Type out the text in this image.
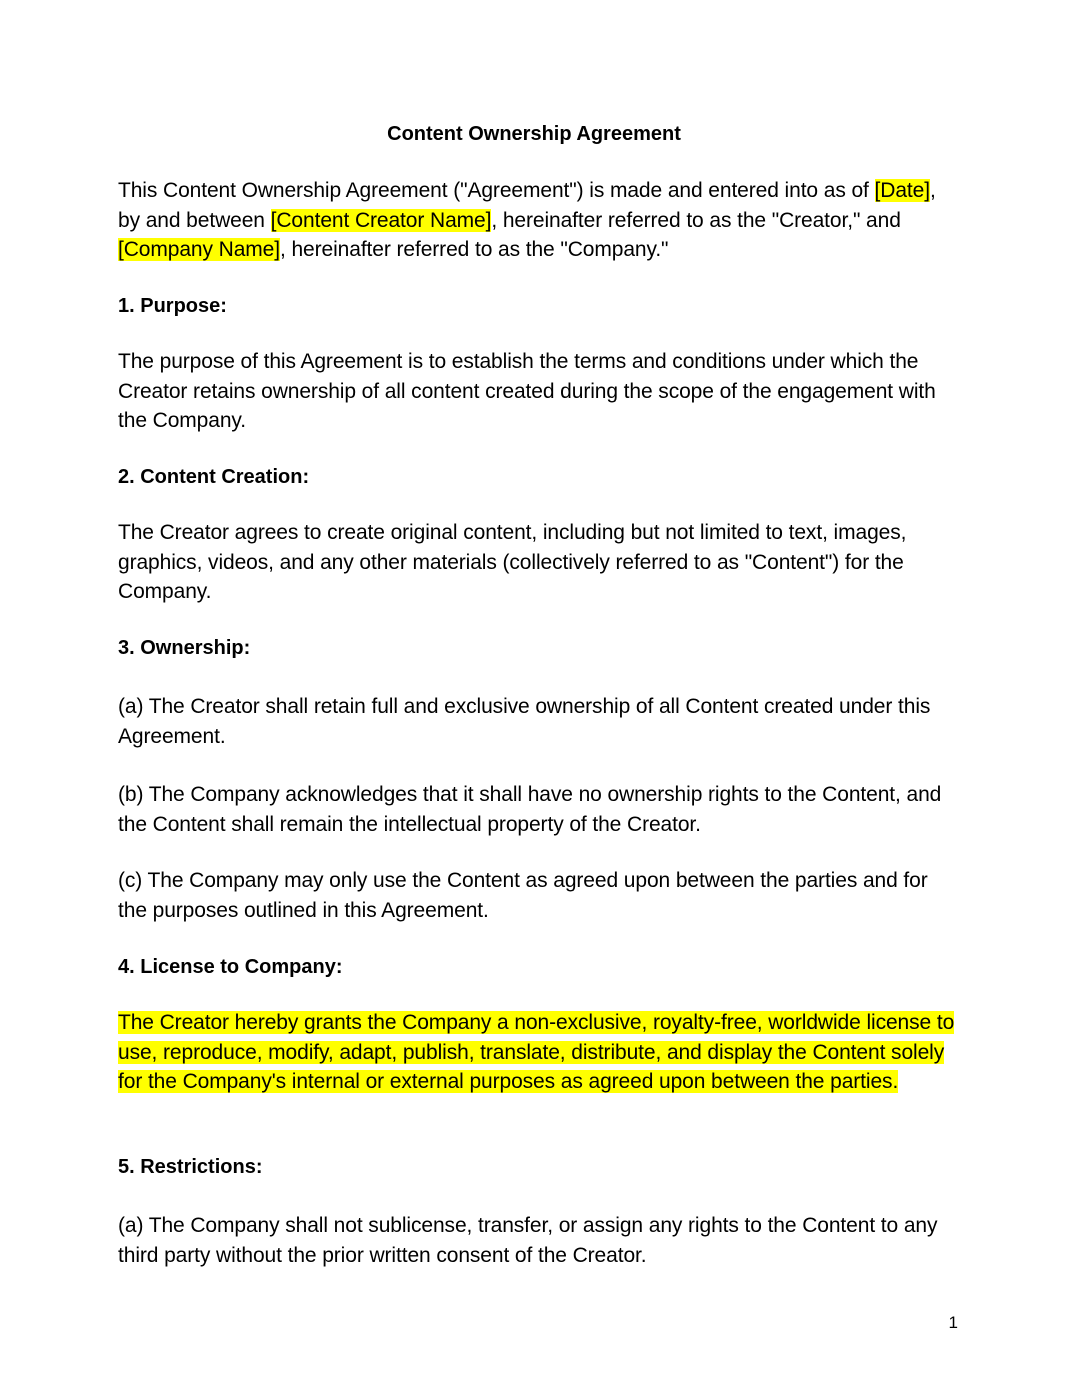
Content Ownership Agreement

This Content Ownership Agreement ("Agreement") is made and entered into as of [Date], by and between [Content Creator Name], hereinafter referred to as the "Creator," and [Company Name], hereinafter referred to as the "Company."

1. Purpose:

The purpose of this Agreement is to establish the terms and conditions under which the Creator retains ownership of all content created during the scope of the engagement with the Company.

2. Content Creation:

The Creator agrees to create original content, including but not limited to text, images, graphics, videos, and any other materials (collectively referred to as "Content") for the Company.

3. Ownership:

(a) The Creator shall retain full and exclusive ownership of all Content created under this Agreement.

(b) The Company acknowledges that it shall have no ownership rights to the Content, and the Content shall remain the intellectual property of the Creator.

(c) The Company may only use the Content as agreed upon between the parties and for the purposes outlined in this Agreement.

4. License to Company:

The Creator hereby grants the Company a non-exclusive, royalty-free, worldwide license to use, reproduce, modify, adapt, publish, translate, distribute, and display the Content solely for the Company's internal or external purposes as agreed upon between the parties.

5. Restrictions:

(a) The Company shall not sublicense, transfer, or assign any rights to the Content to any third party without the prior written consent of the Creator.

1
